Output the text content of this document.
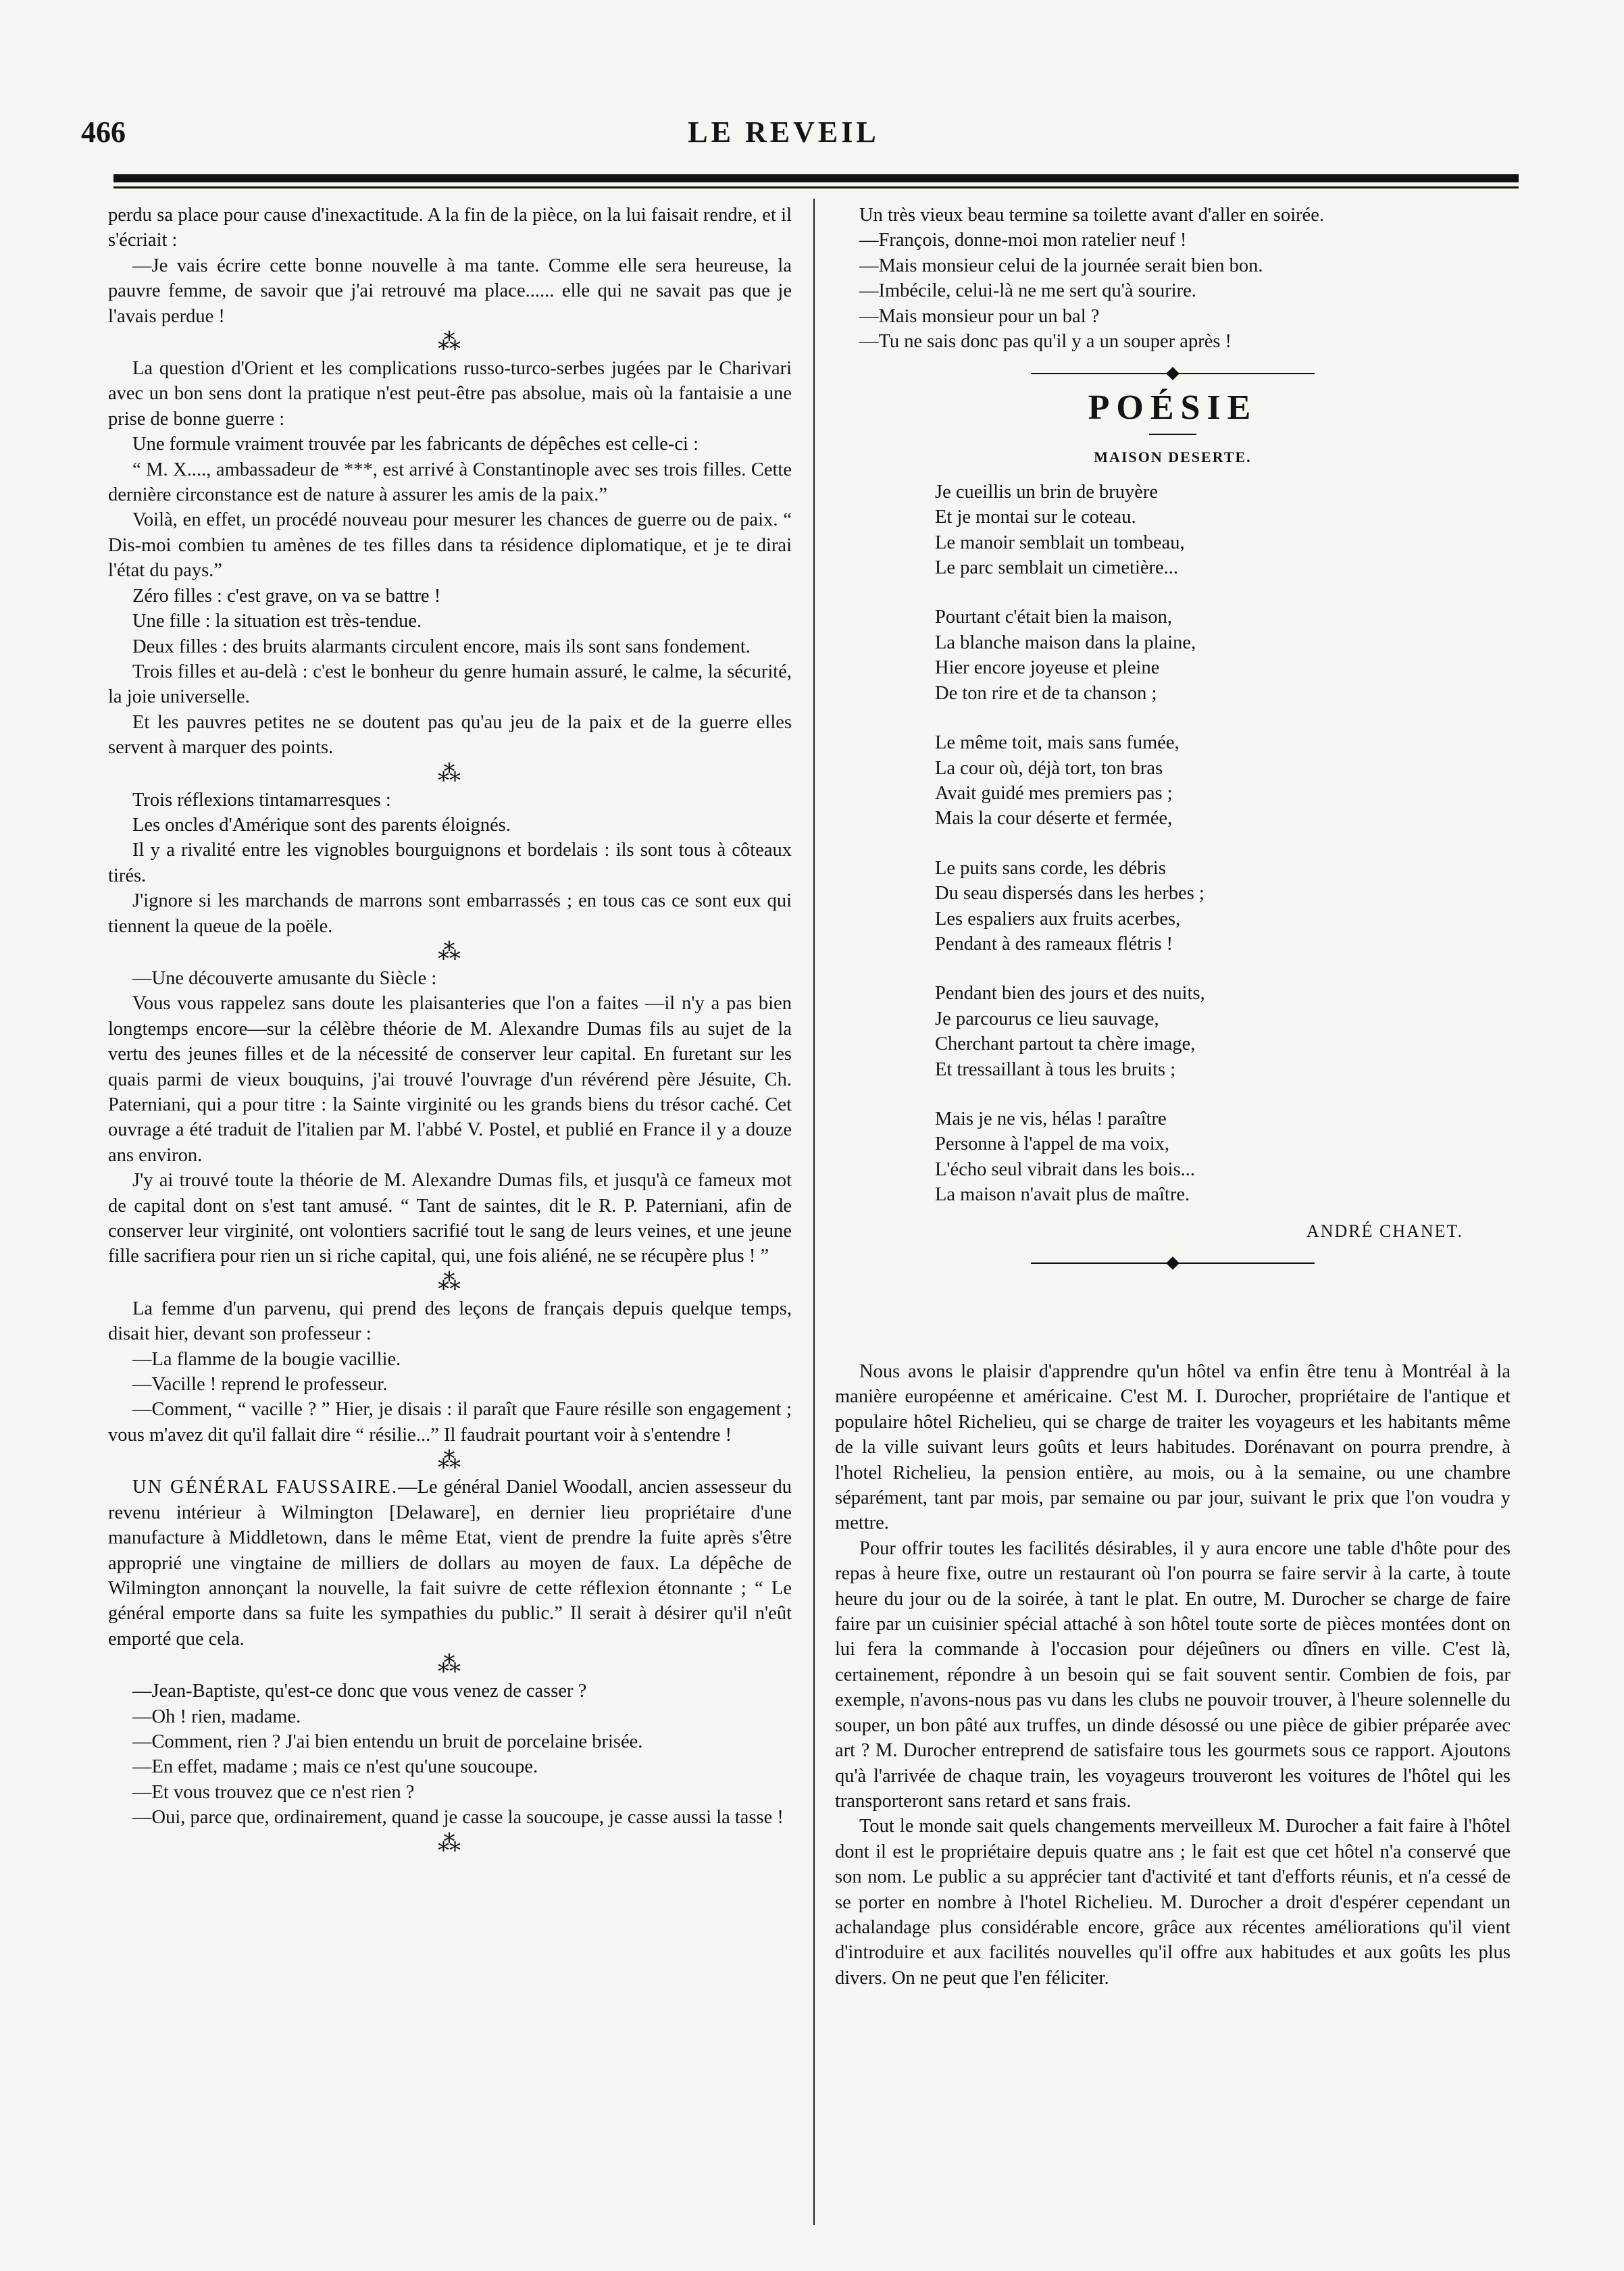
466	LE REVEIL

perdu sa place pour cause d'inexactitude. A la fin de la pièce, on la lui faisait rendre, et il s'écriait :

—Je vais écrire cette bonne nouvelle à ma tante. Comme elle sera heureuse, la pauvre femme, de savoir que j'ai retrouvé ma place...... elle qui ne savait pas que je l'avais perdue !

⁂

La question d'Orient et les complications russo-turco-serbes jugées par le Charivari avec un bon sens dont la pratique n'est peut-être pas absolue, mais où la fantaisie a une prise de bonne guerre :

Une formule vraiment trouvée par les fabricants de dépêches est celle-ci :

“ M. X...., ambassadeur de ***, est arrivé à Constantinople avec ses trois filles. Cette dernière circonstance est de nature à assurer les amis de la paix.”

Voilà, en effet, un procédé nouveau pour mesurer les chances de guerre ou de paix. “ Dis-moi combien tu amènes de tes filles dans ta résidence diplomatique, et je te dirai l'état du pays.”

Zéro filles : c'est grave, on va se battre !

Une fille : la situation est très-tendue.

Deux filles : des bruits alarmants circulent encore, mais ils sont sans fondement.

Trois filles et au-delà : c'est le bonheur du genre humain assuré, le calme, la sécurité, la joie universelle.

Et les pauvres petites ne se doutent pas qu'au jeu de la paix et de la guerre elles servent à marquer des points.

⁂

Trois réflexions tintamarresques :

Les oncles d'Amérique sont des parents éloignés.

Il y a rivalité entre les vignobles bourguignons et bordelais : ils sont tous à côteaux tirés.

J'ignore si les marchands de marrons sont embarrassés ; en tous cas ce sont eux qui tiennent la queue de la poële.

⁂

—Une découverte amusante du Siècle :

Vous vous rappelez sans doute les plaisanteries que l'on a faites —il n'y a pas bien longtemps encore—sur la célèbre théorie de M. Alexandre Dumas fils au sujet de la vertu des jeunes filles et de la nécessité de conserver leur capital. En furetant sur les quais parmi de vieux bouquins, j'ai trouvé l'ouvrage d'un révérend père Jésuite, Ch. Paterniani, qui a pour titre : la Sainte virginité ou les grands biens du trésor caché. Cet ouvrage a été traduit de l'italien par M. l'abbé V. Postel, et publié en France il y a douze ans environ.

J'y ai trouvé toute la théorie de M. Alexandre Dumas fils, et jusqu'à ce fameux mot de capital dont on s'est tant amusé. “ Tant de saintes, dit le R. P. Paterniani, afin de conserver leur virginité, ont volontiers sacrifié tout le sang de leurs veines, et une jeune fille sacrifiera pour rien un si riche capital, qui, une fois aliéné, ne se récupère plus ! ”

⁂

La femme d'un parvenu, qui prend des leçons de français depuis quelque temps, disait hier, devant son professeur :

—La flamme de la bougie vacillie.

—Vacille ! reprend le professeur.

—Comment, “ vacille ? ” Hier, je disais : il paraît que Faure résille son engagement ; vous m'avez dit qu'il fallait dire “ résilie...” Il faudrait pourtant voir à s'entendre !

⁂

UN GÉNÉRAL FAUSSAIRE.—Le général Daniel Woodall, ancien assesseur du revenu intérieur à Wilmington [Delaware], en dernier lieu propriétaire d'une manufacture à Middletown, dans le même Etat, vient de prendre la fuite après s'être approprié une vingtaine de milliers de dollars au moyen de faux. La dépêche de Wilmington annonçant la nouvelle, la fait suivre de cette réflexion étonnante ; “ Le général emporte dans sa fuite les sympathies du public.” Il serait à désirer qu'il n'eût emporté que cela.

⁂

—Jean-Baptiste, qu'est-ce donc que vous venez de casser ?

—Oh ! rien, madame.

—Comment, rien ? J'ai bien entendu un bruit de porcelaine brisée.

—En effet, madame ; mais ce n'est qu'une soucoupe.

—Et vous trouvez que ce n'est rien ?

—Oui, parce que, ordinairement, quand je casse la soucoupe, je casse aussi la tasse !

⁂

Un très vieux beau termine sa toilette avant d'aller en soirée.

—François, donne-moi mon ratelier neuf !

—Mais monsieur celui de la journée serait bien bon.

—Imbécile, celui-là ne me sert qu'à sourire.

—Mais monsieur pour un bal ?

—Tu ne sais donc pas qu'il y a un souper après !

POÉSIE
MAISON DESERTE.
Je cueillis un brin de bruyère
Et je montai sur le coteau.
Le manoir semblait un tombeau,
Le parc semblait un cimetière...
Pourtant c'était bien la maison,
La blanche maison dans la plaine,
Hier encore joyeuse et pleine
De ton rire et de ta chanson ;
Le même toit, mais sans fumée,
La cour où, déjà tort, ton bras
Avait guidé mes premiers pas ;
Mais la cour déserte et fermée,
Le puits sans corde, les débris
Du seau dispersés dans les herbes ;
Les espaliers aux fruits acerbes,
Pendant à des rameaux flétris !
Pendant bien des jours et des nuits,
Je parcourus ce lieu sauvage,
Cherchant partout ta chère image,
Et tressaillant à tous les bruits ;
Mais je ne vis, hélas ! paraître
Personne à l'appel de ma voix,
L'écho seul vibrait dans les bois...
La maison n'avait plus de maître.
ANDRÉ CHANET.

Nous avons le plaisir d'apprendre qu'un hôtel va enfin être tenu à Montréal à la manière européenne et américaine. C'est M. I. Durocher, propriétaire de l'antique et populaire hôtel Richelieu, qui se charge de traiter les voyageurs et les habitants même de la ville suivant leurs goûts et leurs habitudes. Dorénavant on pourra prendre, à l'hotel Richelieu, la pension entière, au mois, ou à la semaine, ou une chambre séparément, tant par mois, par semaine ou par jour, suivant le prix que l'on voudra y mettre.

Pour offrir toutes les facilités désirables, il y aura encore une table d'hôte pour des repas à heure fixe, outre un restaurant où l'on pourra se faire servir à la carte, à toute heure du jour ou de la soirée, à tant le plat. En outre, M. Durocher se charge de faire faire par un cuisinier spécial attaché à son hôtel toute sorte de pièces montées dont on lui fera la commande à l'occasion pour déjeûners ou dîners en ville. C'est là, certainement, répondre à un besoin qui se fait souvent sentir. Combien de fois, par exemple, n'avons-nous pas vu dans les clubs ne pouvoir trouver, à l'heure solennelle du souper, un bon pâté aux truffes, un dinde désossé ou une pièce de gibier préparée avec art ? M. Durocher entreprend de satisfaire tous les gourmets sous ce rapport. Ajoutons qu'à l'arrivée de chaque train, les voyageurs trouveront les voitures de l'hôtel qui les transporteront sans retard et sans frais.

Tout le monde sait quels changements merveilleux M. Durocher a fait faire à l'hôtel dont il est le propriétaire depuis quatre ans ; le fait est que cet hôtel n'a conservé que son nom. Le public a su apprécier tant d'activité et tant d'efforts réunis, et n'a cessé de se porter en nombre à l'hotel Richelieu. M. Durocher a droit d'espérer cependant un achalandage plus considérable encore, grâce aux récentes améliorations qu'il vient d'introduire et aux facilités nouvelles qu'il offre aux habitudes et aux goûts les plus divers. On ne peut que l'en féliciter.
